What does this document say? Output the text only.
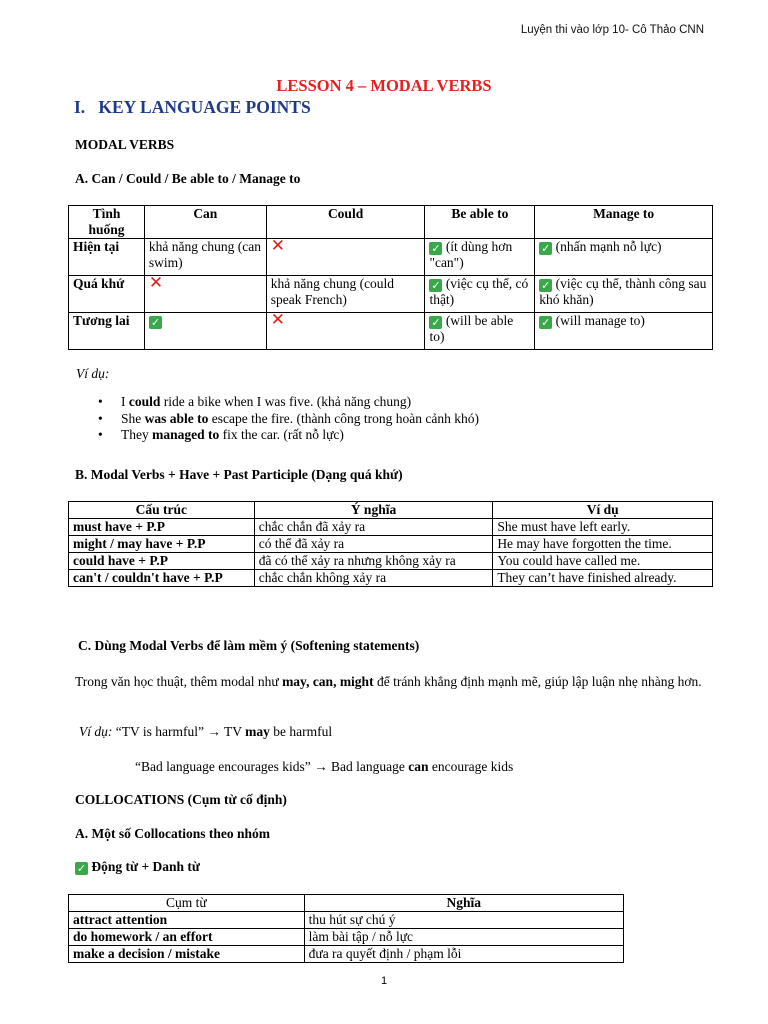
Luyện thi vào lớp 10- Cô Thảo CNN
LESSON 4 – MODAL VERBS
I. KEY LANGUAGE POINTS
MODAL VERBS
A. Can / Could / Be able to / Manage to
Tình huống	Can	Could	Be able to	Manage to
Hiện tại	khả năng chung (can swim)	✕	✓ (ít dùng hơn "can")	✓ (nhấn mạnh nỗ lực)
Quá khứ	✕	khả năng chung (could speak French)	✓ (việc cụ thể, có thật)	✓ (việc cụ thể, thành công sau khó khăn)
Tương lai	✓	✕	✓ (will be able to)	✓ (will manage to)
Ví dụ:
• I could ride a bike when I was five. (khả năng chung)
• She was able to escape the fire. (thành công trong hoàn cảnh khó)
• They managed to fix the car. (rất nỗ lực)
B. Modal Verbs + Have + Past Participle (Dạng quá khứ)
Cấu trúc	Ý nghĩa	Ví dụ
must have + P.P	chắc chắn đã xảy ra	She must have left early.
might / may have + P.P	có thể đã xảy ra	He may have forgotten the time.
could have + P.P	đã có thể xảy ra nhưng không xảy ra	You could have called me.
can't / couldn't have + P.P	chắc chắn không xảy ra	They can’t have finished already.
C. Dùng Modal Verbs để làm mềm ý (Softening statements)
Trong văn học thuật, thêm modal như may, can, might để tránh khẳng định mạnh mẽ, giúp lập luận nhẹ nhàng hơn.
Ví dụ: “TV is harmful” → TV may be harmful
“Bad language encourages kids” → Bad language can encourage kids
COLLOCATIONS (Cụm từ cố định)
A. Một số Collocations theo nhóm
✓ Động từ + Danh từ
Cụm từ	Nghĩa
attract attention	thu hút sự chú ý
do homework / an effort	làm bài tập / nỗ lực
make a decision / mistake	đưa ra quyết định / phạm lỗi
1
